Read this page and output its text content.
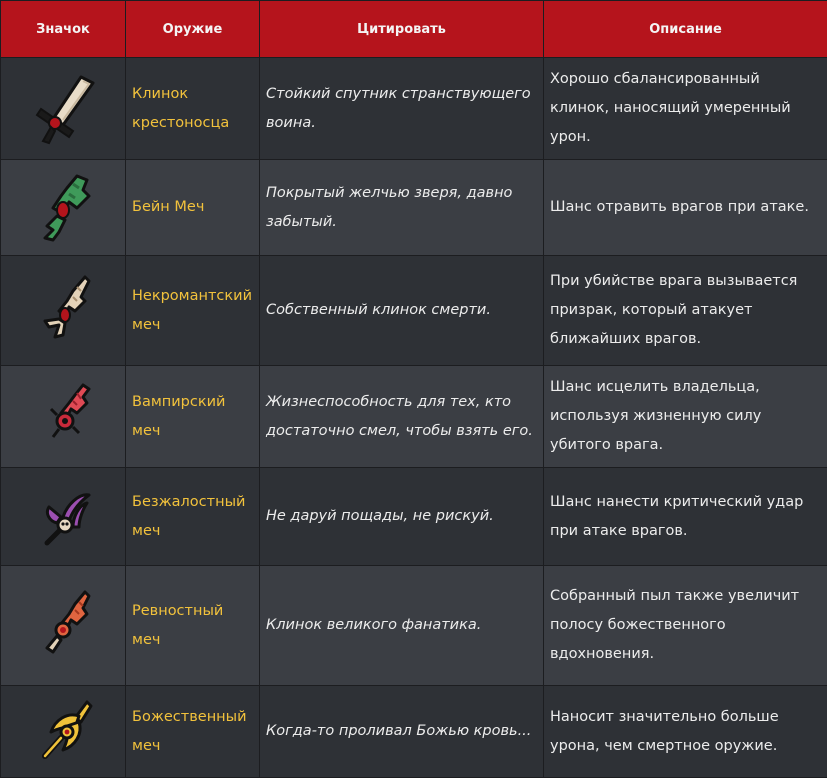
Значок	Оружие	Цитировать	Описание

	Клинок крестоносца	Стойкий спутник странствующего воина.	Хорошо сбалансированный клинок, наносящий умеренный урон.

	Бейн Меч	Покрытый желчью зверя, давно забытый.	Шанс отравить врагов при атаке.

	Некромантский меч	Собственный клинок смерти.	При убийстве врага вызывается призрак, который атакует ближайших врагов.

	Вампирский меч	Жизнеспособность для тех, кто достаточно смел, чтобы взять его.	Шанс исцелить владельца, используя жизненную силу убитого врага.

	Безжалостный меч	Не даруй пощады, не рискуй.	Шанс нанести критический удар при атаке врагов.

	Ревностный меч	Клинок великого фанатика.	Собранный пыл также увеличит полосу божественного вдохновения.

	Божественный меч	Когда-то проливал Божью кровь...	Наносит значительно больше урона, чем смертное оружие.
